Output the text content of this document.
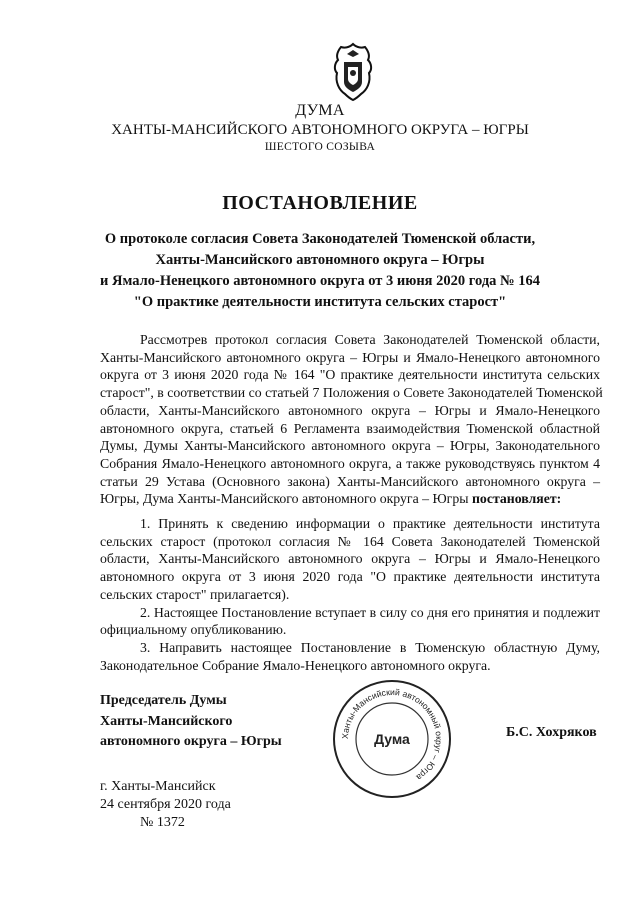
ДУМА

ХАНТЫ-МАНСИЙСКОГО АВТОНОМНОГО ОКРУГА – ЮГРЫ

ШЕСТОГО СОЗЫВА

ПОСТАНОВЛЕНИЕ

О протоколе согласия Совета Законодателей Тюменской области,
Ханты-Мансийского автономного округа – Югры
и Ямало-Ненецкого автономного округа от 3 июня 2020 года № 164
"О практике деятельности института сельских старост"
Рассмотрев протокол согласия Совета Законодателей Тюменской области,
Ханты-Мансийского автономного округа – Югры и Ямало-Ненецкого автономного
округа от 3 июня 2020 года № 164 "О практике деятельности института сельских
старост", в соответствии со статьей 7 Положения о Совете Законодателей Тюменской
области, Ханты-Мансийского автономного округа – Югры и Ямало-Ненецкого
автономного округа, статьей 6 Регламента взаимодействия Тюменской областной
Думы, Думы Ханты-Мансийского автономного округа – Югры, Законодательного
Собрания Ямало-Ненецкого автономного округа, а также руководствуясь пунктом 4
статьи 29 Устава (Основного закона) Ханты-Мансийского автономного округа –
Югры, Дума Ханты-Мансийского автономного округа – Югры постановляет:
1. Принять к сведению информации о практике деятельности института
сельских старост (протокол согласия № 164 Совета Законодателей Тюменской
области, Ханты-Мансийского автономного округа – Югры и Ямало-Ненецкого
автономного округа от 3 июня 2020 года "О практике деятельности института
сельских старост" прилагается).
2. Настоящее Постановление вступает в силу со дня его принятия и подлежит
официальному опубликованию.
3. Направить настоящее Постановление в Тюменскую областную Думу,
Законодательное Собрание Ямало-Ненецкого автономного округа.
Председатель Думы
Ханты-Мансийского
автономного округа – Югры	Ханты-Мансийский автономный округ – Югра
Дума	Б.С. Хохряков
г. Ханты-Мансийск
24 сентября 2020 года
№ 1372
